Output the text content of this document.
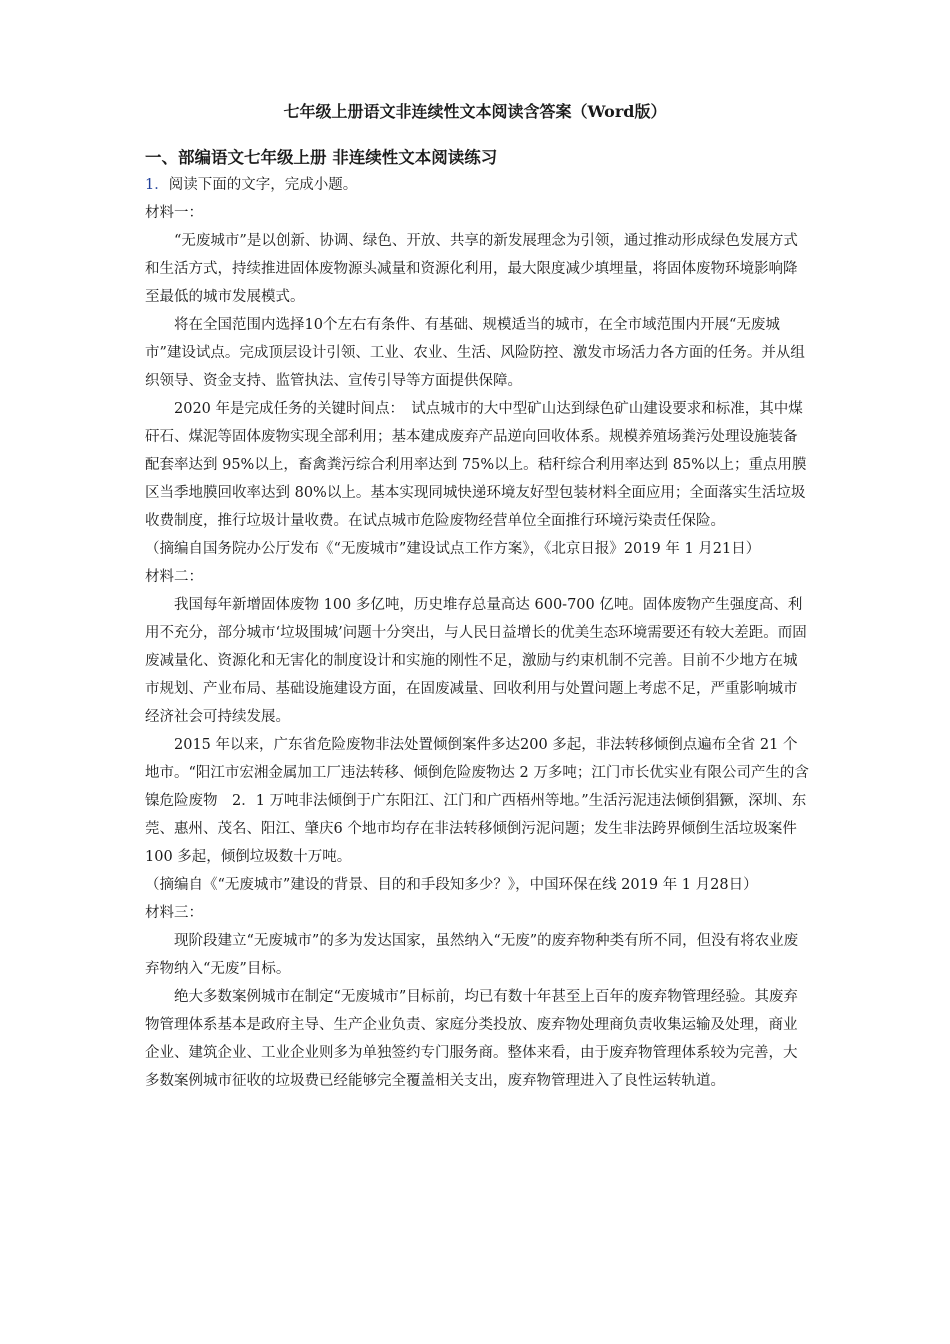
七年级上册语文非连续性文本阅读含答案（Word版）
一、部编语文七年级上册 非连续性文本阅读练习

1．阅读下面的文字，完成小题。

材料一：

“无废城市”是以创新、协调、绿色、开放、共享的新发展理念为引领，通过推动形成绿色发展方式和生活方式，持续推进固体废物源头减量和资源化利用，最大限度减少填埋量，将固体废物环境影响降至最低的城市发展模式。

将在全国范围内选择10个左右有条件、有基础、规模适当的城市，在全市域范围内开展“无废城市”建设试点。完成顶层设计引领、工业、农业、生活、风险防控、激发市场活力各方面的任务。并从组织领导、资金支持、监管执法、宣传引导等方面提供保障。

2020 年是完成任务的关键时间点：　试点城市的大中型矿山达到绿色矿山建设要求和标准，其中煤矸石、煤泥等固体废物实现全部利用；基本建成废弃产品逆向回收体系。规模养殖场粪污处理设施装备配套率达到 95%以上，畜禽粪污综合利用率达到 75%以上。秸秆综合利用率达到 85%以上；重点用膜区当季地膜回收率达到 80%以上。基本实现同城快递环境友好型包装材料全面应用；全面落实生活垃圾收费制度，推行垃圾计量收费。在试点城市危险废物经营单位全面推行环境污染责任保险。

（摘编自国务院办公厅发布《“无废城市”建设试点工作方案》，《北京日报》2019 年 1 月21日）

材料二：

我国每年新增固体废物 100 多亿吨，历史堆存总量高达 600-700 亿吨。固体废物产生强度高、利用不充分，部分城市‘垃圾围城’问题十分突出，与人民日益增长的优美生态环境需要还有较大差距。而固废减量化、资源化和无害化的制度设计和实施的刚性不足，激励与约束机制不完善。目前不少地方在城市规划、产业布局、基础设施建设方面，在固废减量、回收利用与处置问题上考虑不足，严重影响城市经济社会可持续发展。

2015 年以来，广东省危险废物非法处置倾倒案件多达200 多起，非法转移倾倒点遍布全省 21 个地市。“阳江市宏湘金属加工厂违法转移、倾倒危险废物达 2 万多吨；江门市长优实业有限公司产生的含镍危险废物　2．1 万吨非法倾倒于广东阳江、江门和广西梧州等地。”生活污泥违法倾倒猖獗，深圳、东莞、惠州、茂名、阳江、肇庆6 个地市均存在非法转移倾倒污泥问题；发生非法跨界倾倒生活垃圾案件100 多起，倾倒垃圾数十万吨。

（摘编自《“无废城市”建设的背景、目的和手段知多少？》，中国环保在线 2019 年 1 月28日）

材料三：

现阶段建立“无废城市”的多为发达国家，虽然纳入“无废”的废弃物种类有所不同，但没有将农业废弃物纳入“无废”目标。

绝大多数案例城市在制定“无废城市”目标前，均已有数十年甚至上百年的废弃物管理经验。其废弃物管理体系基本是政府主导、生产企业负责、家庭分类投放、废弃物处理商负责收集运输及处理，商业企业、建筑企业、工业企业则多为单独签约专门服务商。整体来看，由于废弃物管理体系较为完善，大多数案例城市征收的垃圾费已经能够完全覆盖相关支出，废弃物管理进入了良性运转轨道。
